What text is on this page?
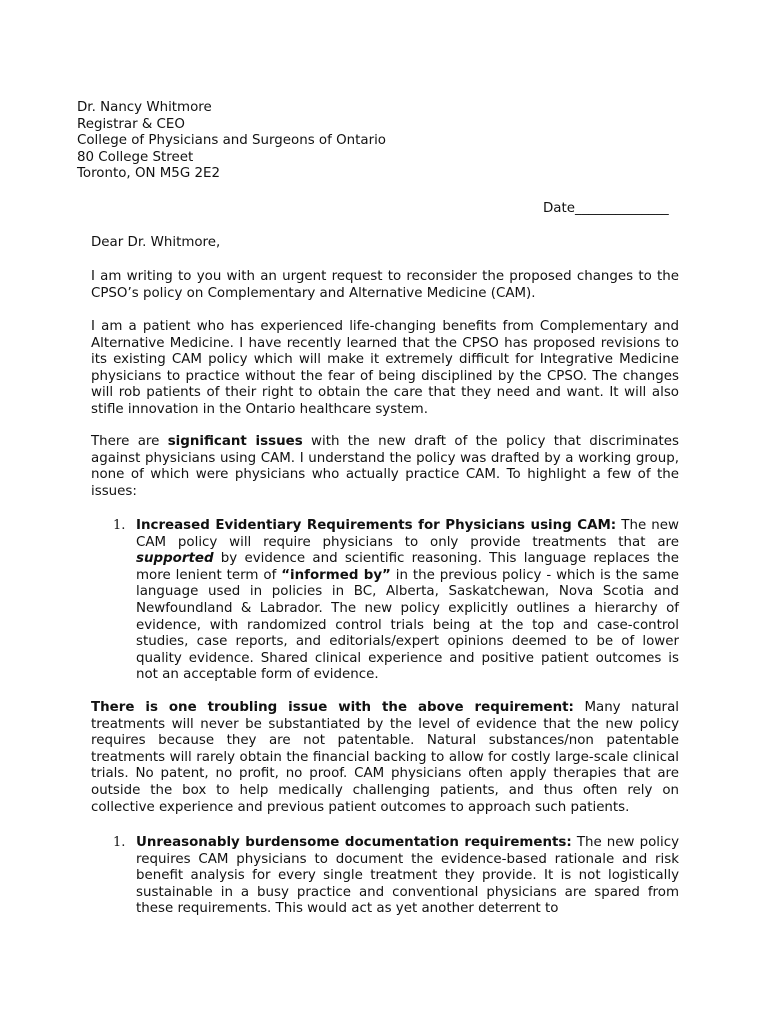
Dr. Nancy Whitmore
Registrar & CEO
College of Physicians and Surgeons of Ontario
80 College Street
Toronto, ON M5G 2E2
Date______________
Dear Dr. Whitmore,
I am writing to you with an urgent request to reconsider the proposed changes to the CPSO’s policy on Complementary and Alternative Medicine (CAM).
I am a patient who has experienced life-changing benefits from Complementary and Alternative Medicine. I have recently learned that the CPSO has proposed revisions to its existing CAM policy which will make it extremely difficult for Integrative Medicine physicians to practice without the fear of being disciplined by the CPSO. The changes will rob patients of their right to obtain the care that they need and want. It will also stifle innovation in the Ontario healthcare system.
There are significant issues with the new draft of the policy that discriminates against physicians using CAM. I understand the policy was drafted by a working group, none of which were physicians who actually practice CAM. To highlight a few of the issues:
1. Increased Evidentiary Requirements for Physicians using CAM: The new CAM policy will require physicians to only provide treatments that are supported by evidence and scientific reasoning. This language replaces the more lenient term of “informed by” in the previous policy - which is the same language used in policies in BC, Alberta, Saskatchewan, Nova Scotia and Newfoundland & Labrador. The new policy explicitly outlines a hierarchy of evidence, with randomized control trials being at the top and case-control studies, case reports, and editorials/expert opinions deemed to be of lower quality evidence. Shared clinical experience and positive patient outcomes is not an acceptable form of evidence.
There is one troubling issue with the above requirement: Many natural treatments will never be substantiated by the level of evidence that the new policy requires because they are not patentable. Natural substances/non patentable treatments will rarely obtain the financial backing to allow for costly large-scale clinical trials. No patent, no profit, no proof. CAM physicians often apply therapies that are outside the box to help medically challenging patients, and thus often rely on collective experience and previous patient outcomes to approach such patients.
1. Unreasonably burdensome documentation requirements: The new policy requires CAM physicians to document the evidence-based rationale and risk benefit analysis for every single treatment they provide. It is not logistically sustainable in a busy practice and conventional physicians are spared from these requirements. This would act as yet another deterrent to
